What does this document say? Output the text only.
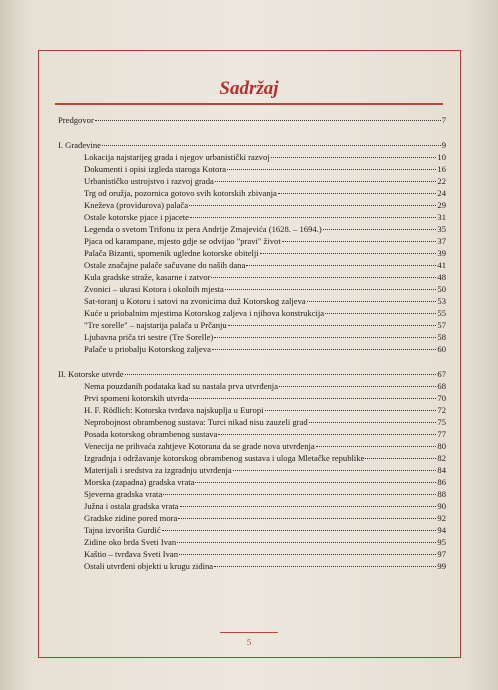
Sadržaj
Predgovor	7
I. Građevine	9
Lokacija najstarijeg grada i njegov urbanistički razvoj	10
Dokumenti i opisi izgleda staroga Kotora	16
Urbanističko ustrojstvo i razvoj grada	22
Trg od oružja, pozornica gotovo svih kotorskih zbivanja	24
Kneževa (providurova) palača	29
Ostale kotorske pjace i pjacete	31
Legenda o svetom Trifonu iz pera Andrije Zmajevića (1628. – 1694.)	35
Pjaca od karampane, mjesto gdje se odvijao "pravi" život	37
Palača Bizanti, spomenik ugledne kotorske obitelji	39
Ostale značajne palače sačuvane do naših dana	41
Kula gradske straže, kasarne i zatvor	48
Zvonici – ukrasi Kotora i okolnih mjesta	50
Sat-toranj u Kotoru i satovi na zvonicima duž Kotorskog zaljeva	53
Kuće u priobalnim mjestima Kotorskog zaljeva i njihova konstrukcija	55
"Tre sorelle" – najstarija palača u Prčanju	57
Ljubavna priča tri sestre (Tre Sorelle)	58
Palače u priobalju Kotorskog zaljeva	60
II. Kotorske utvrde	67
Nema pouzdanih podataka kad su nastala prva utvrđenja	68
Prvi spomeni kotorskih utvrda	70
H. F. Rödlich: Kotorska tvrđava najskuplja u Europi	72
Neprobojnost obrambenog sustava: Turci nikad nisu zauzeli grad	75
Posada kotorskog obrambenog sustava	77
Venecija ne prihvaća zahtjeve Kotorana da se grade nova utvrđenja	80
Izgradnja i održavanje kotorskog obrambenog sustava i uloga Mletačke republike	82
Materijali i sredstva za izgradnju utvrđenja	84
Morska (zapadna) gradska vrata	86
Sjeverna gradska vrata	88
Južna i ostala gradska vrata	90
Gradske zidine pored mora	92
Tajna izvorišta Gurdić	94
Zidine oko brda Sveti Ivan	95
Kaštio – tvrđava Sveti Ivan	97
Ostali utvrđeni objekti u krugu zidina	99
5
